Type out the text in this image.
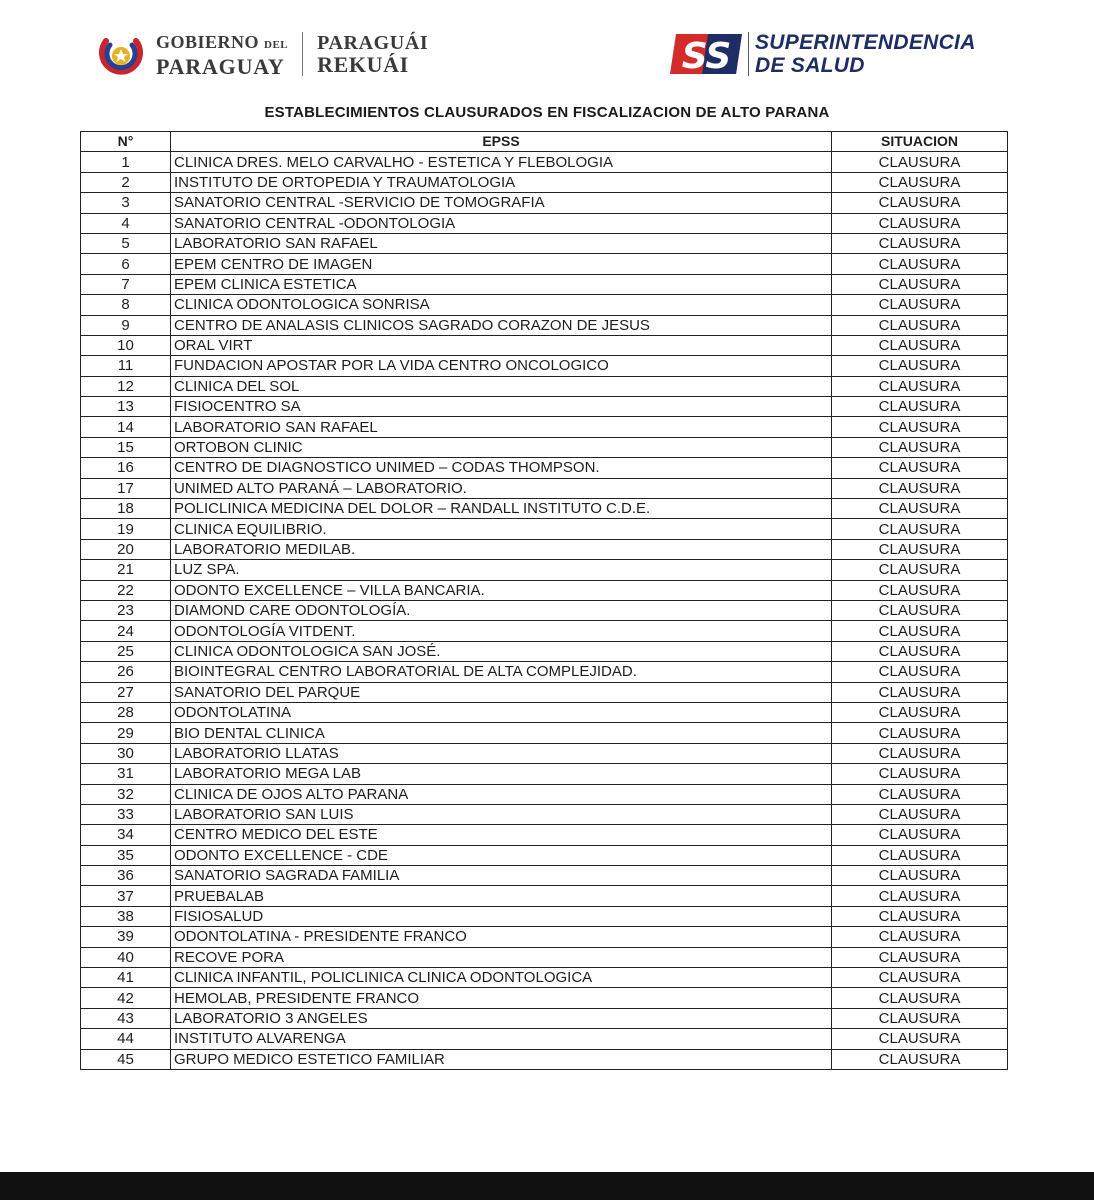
GOBIERNO DEL
PARAGUAY
PARAGUÁI
REKUÁI	SS SUPERINTENDENCIA
DE SALUD
ESTABLECIMIENTOS CLAUSURADOS EN FISCALIZACION DE ALTO PARANA
N°	EPSS	SITUACION
1	CLINICA DRES. MELO CARVALHO - ESTETICA Y FLEBOLOGIA	CLAUSURA
2	INSTITUTO DE ORTOPEDIA Y TRAUMATOLOGIA	CLAUSURA
3	SANATORIO CENTRAL -SERVICIO DE TOMOGRAFIA	CLAUSURA
4	SANATORIO CENTRAL -ODONTOLOGIA	CLAUSURA
5	LABORATORIO SAN RAFAEL	CLAUSURA
6	EPEM CENTRO DE IMAGEN	CLAUSURA
7	EPEM CLINICA ESTETICA	CLAUSURA
8	CLINICA ODONTOLOGICA SONRISA	CLAUSURA
9	CENTRO DE ANALASIS CLINICOS SAGRADO CORAZON DE JESUS	CLAUSURA
10	ORAL VIRT	CLAUSURA
11	FUNDACION APOSTAR POR LA VIDA CENTRO ONCOLOGICO	CLAUSURA
12	CLINICA DEL SOL	CLAUSURA
13	FISIOCENTRO SA	CLAUSURA
14	LABORATORIO SAN RAFAEL	CLAUSURA
15	ORTOBON CLINIC	CLAUSURA
16	CENTRO DE DIAGNOSTICO UNIMED – CODAS THOMPSON.	CLAUSURA
17	UNIMED ALTO PARANÁ – LABORATORIO.	CLAUSURA
18	POLICLINICA MEDICINA DEL DOLOR – RANDALL INSTITUTO C.D.E.	CLAUSURA
19	CLINICA EQUILIBRIO.	CLAUSURA
20	LABORATORIO MEDILAB.	CLAUSURA
21	LUZ SPA.	CLAUSURA
22	ODONTO EXCELLENCE – VILLA BANCARIA.	CLAUSURA
23	DIAMOND CARE ODONTOLOGÍA.	CLAUSURA
24	ODONTOLOGÍA VITDENT.	CLAUSURA
25	CLINICA ODONTOLOGICA SAN JOSÉ.	CLAUSURA
26	BIOINTEGRAL CENTRO LABORATORIAL DE ALTA COMPLEJIDAD.	CLAUSURA
27	SANATORIO DEL PARQUE	CLAUSURA
28	ODONTOLATINA	CLAUSURA
29	BIO DENTAL CLINICA	CLAUSURA
30	LABORATORIO LLATAS	CLAUSURA
31	LABORATORIO MEGA LAB	CLAUSURA
32	CLINICA DE OJOS ALTO PARANA	CLAUSURA
33	LABORATORIO SAN LUIS	CLAUSURA
34	CENTRO MEDICO DEL ESTE	CLAUSURA
35	ODONTO EXCELLENCE - CDE	CLAUSURA
36	SANATORIO SAGRADA FAMILIA	CLAUSURA
37	PRUEBALAB	CLAUSURA
38	FISIOSALUD	CLAUSURA
39	ODONTOLATINA - PRESIDENTE FRANCO	CLAUSURA
40	RECOVE PORA	CLAUSURA
41	CLINICA INFANTIL, POLICLINICA CLINICA ODONTOLOGICA	CLAUSURA
42	HEMOLAB, PRESIDENTE FRANCO	CLAUSURA
43	LABORATORIO 3 ANGELES	CLAUSURA
44	INSTITUTO ALVARENGA	CLAUSURA
45	GRUPO MEDICO ESTETICO FAMILIAR	CLAUSURA
